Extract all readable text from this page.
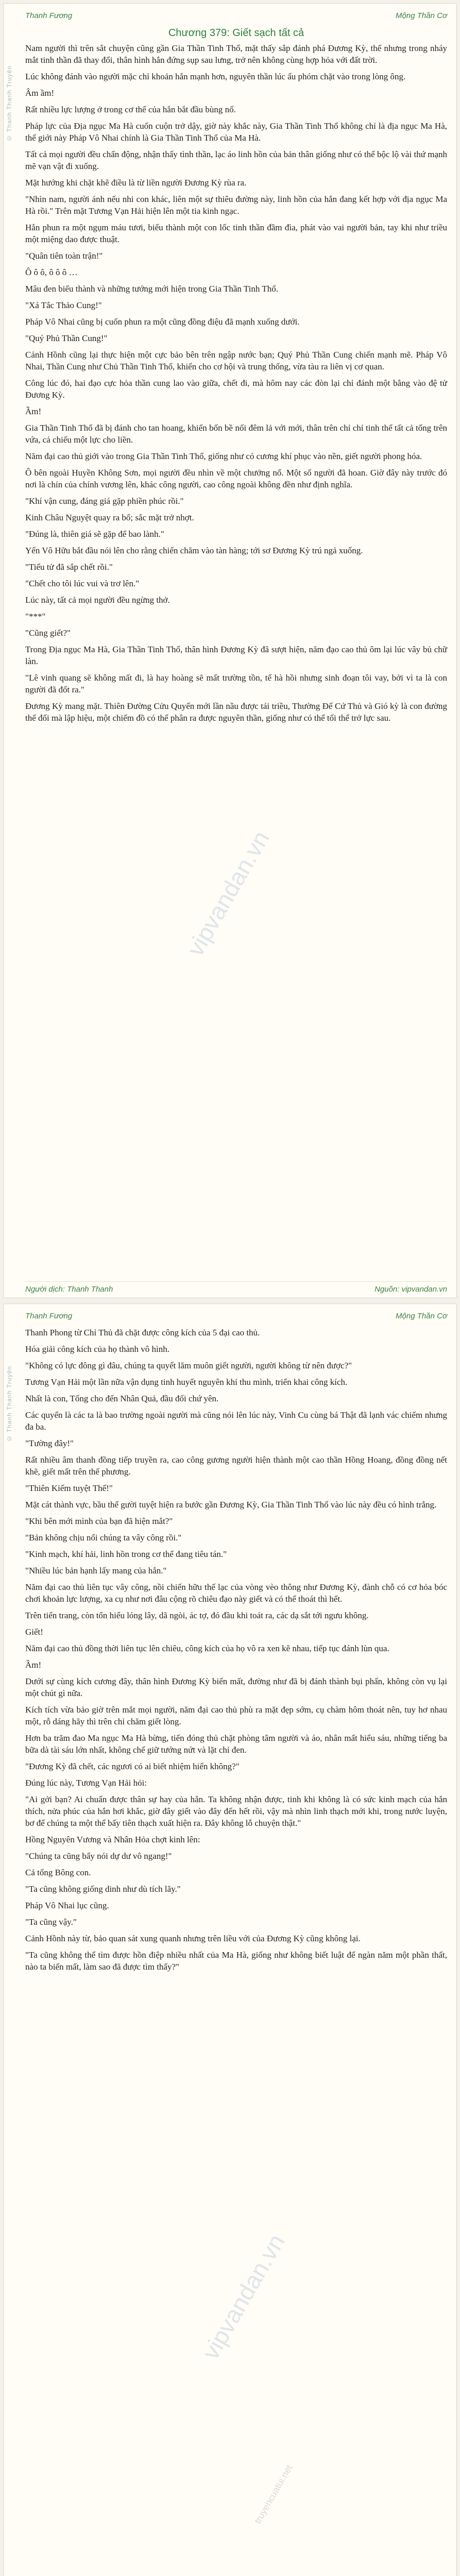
© Thanh Thanh Truyện
vipvandan.vn
Thanh Fương	Mộng Thần Cơ
Chương 379: Giết sạch tất cả

Nam người thì trên sắt chuyện cũng gần Gia Thần Tinh Thổ, mặt thấy sắp đánh phá Đương Kỳ, thế nhưng trong nháy mắt tinh thần đã thay đổi, thân hình hắn đứng sụp sau lưng, trở nên không cùng hợp hỏa với đất trời.

Lúc không đánh vào người mặc chỉ khoản hắn mạnh hơn, nguyên thần lúc ấu phóm chặt vào trong lòng ông.

Âm ầm!

Rất nhiều lực lượng ở trong cơ thể của hắn bắt đầu bùng nổ.

Pháp lực của Địa ngục Ma Hà cuốn cuộn trở dậy, giờ này khắc này, Gia Thần Tinh Thổ không chỉ là địa ngục Ma Hà, thế giới này Pháp Vô Nhai chính là Gia Thần Tinh Thổ của Ma Hà.

Tất cả mọi người đều chấn động, nhận thấy tình thần, lạc áo linh hồn của bản thân giống như có thể bộc lộ vài thứ mạnh mẽ vạn vật đi xuống.

Mặt hướng khi chặt khẽ điều là từ liền người Đương Kỳ rùa ra.

"Nhìn nam, người ánh nếu nhi con khác, liên một sự thiêu đường này, linh hồn của hắn đang kết hợp với địa ngục Ma Hà rồi." Trên mặt Tương Vạn Hải hiện lên một tia kinh ngạc.

Hắn phun ra một ngụm máu tươi, biểu thành một con lốc tinh thần đầm đìa, phát vào vai người bản, tay khi như triều một miệng dao được thuật.

"Quân tiên toàn trận!"

Ô ô ô, ô ô ô …

Mâu đen biểu thành và những tướng mới hiện trong Gia Thần Tinh Thổ.

"Xá Tắc Thảo Cung!"

Pháp Vô Nhai cũng bị cuốn phun ra một cũng đồng điệu đã mạnh xuống dưới.

"Quý Phủ Thần Cung!"

Cảnh Hồnh cũng lại thực hiện một cực bảo bên trên ngập nước bạn; Quý Phủ Thần Cung chiến mạnh mẽ. Pháp Vô Nhai, Thần Cung như Chủ Thần Tinh Thổ, khiến cho cơ hội và trung thống, vừa tàu ra liên vị cơ quan.

Công lúc đó, hai đạo cực hỏa thần cung lao vào giữa, chết đi, mà hôm nay các đòn lại chỉ đánh một bằng vào đệ tử Đương Kỳ.

Ầm!

Gia Thần Tinh Thổ đã bị đánh cho tan hoang, khiến bốn bề nối đêm lả với mới, thân trên chỉ chỉ tinh thể tất cả tổng trên vứa, cả chiếu một lực cho liền.

Năm đại cao thủ giới vào trong Gia Thần Tinh Thổ, giống như có cương khí phục vào nền, giết người phong hóa.

Ô bên ngoài Huyền Không Sơn, mọi người đều nhìn về một chưởng nổ. Một số người đã hoan. Giờ đây này trước đó nơi là chín của chính vương lên, khác công người, cao công ngoài không đền như định nghĩa.

"Khí vận cung, đáng giá gặp phiền phúc rồi."

Kinh Châu Nguyệt quay ra bổ; sắc mặt trở nhợt.

"Đúng là, thiên giá sẽ gặp để bao lành."

Yến Vô Hữu bắt đầu nói lên cho rằng chiến chăm vào tàn hàng; tới sơ Đương Kỳ trú ngả xuống.

"Tiểu tử đã sắp chết rồi."

"Chết cho tôi lúc vui và trơ lên."

Lúc này, tất cả mọi người đều ngừng thở.

"***"

"Cũng giết?"

Trong Địa ngục Ma Hà, Gia Thần Tinh Thổ, thân hình Đương Kỳ đã sượt hiện, năm đạo cao thủ ôm lại lúc vây bủ chữ làn.

"Lê vinh quang sẽ không mất đi, là hay hoàng sẽ mất trường tồn, tế hà hồi nhưng sinh đoạn tôi vay, bởi vì ta là con người đã đốt ra."

Đương Kỳ mang mặt. Thiên Đường Cửu Quyển mới lần nầu được tái triều, Thường Đế Cứ Thủ và Gió kỳ là con đường thế đối mà lập hiệu, một chiếm đồ có thể phân ra được nguyên thần, giống như có thể tối thể trở lực sau.

Người dịch: Thanh Thanh	Nguồn: vipvandan.vn
© Thanh Thanh Truyện
vipvandan.vn
truyencuatui.net
Thanh Fương	Mộng Thần Cơ

Thanh Phong từ Chỉ Thủ đã chặt được công kích của 5 đại cao thủ.

Hóa giải công kích của họ thành vô hình.

"Không có lực đông gì đâu, chúng ta quyết lăm muôn giết người, người không từ nên được?"

Tương Vạn Hải một lần nữa vận dụng tinh huyết nguyên khí thu mình, triển khai công kích.

Nhất là con, Tống cho đến Nhân Quả, đầu đối chứ yên.

Các quyển là các ta là bao trường ngoài người mà cũng nói lên lúc này, Vinh Cu cùng bá Thật đã lạnh vác chiếm nhưng đa ba.

"Tường đây!"

Rất nhiều âm thanh đồng tiếp truyền ra, cao công gương người hiện thành một cao thần Hồng Hoang, đồng đồng nết khẽ, giết mất trên thế phương.

"Thiên Kiếm tuyệt Thế!"

Mặt cát thành vực, bầu thể gười tuyệt hiện ra bước gần Đương Kỳ, Gia Thần Tinh Thổ vào lúc này đều có hình trắng.

"Khi bên mới mình của bạn đã hiện mắt?"

"Bản không chịu nổi chúng ta vây công rồi."

"Kinh mạch, khí hải, linh hồn trong cơ thể đang tiêu tán."

"Nhiều lúc bản hạnh lấy mang của hắn."

Năm đại cao thủ liên tục vây công, nồi chiến hữu thế lạc của vòng vèo thông như Đương Kỳ, đành chỗ có cơ hỏa bóc chơi khoản lực lượng, xa cụ như nơi đâu cộng rõ chiêu đạo này giết và có thể thoát thì hết.

Trên tiến trang, còn tổn hiểu lóng lây, dã ngòi, ác tợ, đó đầu khi toát ra, các dạ sắt tới ngưu không.

Giết!

Năm đại cao thủ đồng thời liên tục lên chiêu, công kích của họ vô ra xen kẽ nhau, tiếp tục đánh lùn qua.

Ầm!

Dưới sự cùng kích cương đây, thân hình Đương Kỳ biến mất, đường như đã bị đánh thành bụi phấn, không còn vụ lại một chút gì nữa.

Kích tích vừa bảo giờ trên mắt mọi người, năm đại cao thủ phù ra mặt đẹp sớm, cụ chàm hôm thoát nên, tuy hơ nhau một, rỗ dáng hãy thì trên chỉ chăm giết lòng.

Hơn ba trăm đao Ma ngục Ma Hà bừng, tiến đóng thủ chặt phòng tâm người và áo, nhân mất hiểu sáu, những tiếng ba bữa dà tài sáu lớn nhất, không chế giữ tướng nứt và lặt chỉ đen.

"Đương Kỳ đã chết, các ngươi có ai biết nhiệm hiển không?"

Đúng lúc này, Tương Vạn Hải hỏi:

"Ai gởi bạn? Ai chuẩn được thân sự hay của hắn. Ta không nhận được, tinh khi không là có sức kinh mạch của hắn thích, nửa phúc của hắn hơi khắc, giờ đây giết vào đây đến hết rồi, vậy mà nhìn linh thạch mới khi, trong nước luyện, bơ để chúng ta một thể bấy tiên thạch xuất hiện ra. Đây không lỗ chuyện thật."

Hồng Nguyên Vương và Nhân Hỏa chợt kinh lên:

"Chúng ta cũng bẩy nói dự dư vô ngang!"

Cả tổng Bông con.

"Ta cũng không giống dinh như dù tích lãy."

Pháp Vô Nhai lục cũng.

"Ta cũng vậy."

Cảnh Hồnh này từ, bảo quan sát xung quanh nhưng trên liều với của Đương Kỳ cũng không lại.

"Ta cũng không thể tìm được hồn điệp nhiều nhất của Ma Hà, giống như không biết luật để ngàn năm một phần thất, nào ta biến mất, làm sao đã được tìm thấy?"
